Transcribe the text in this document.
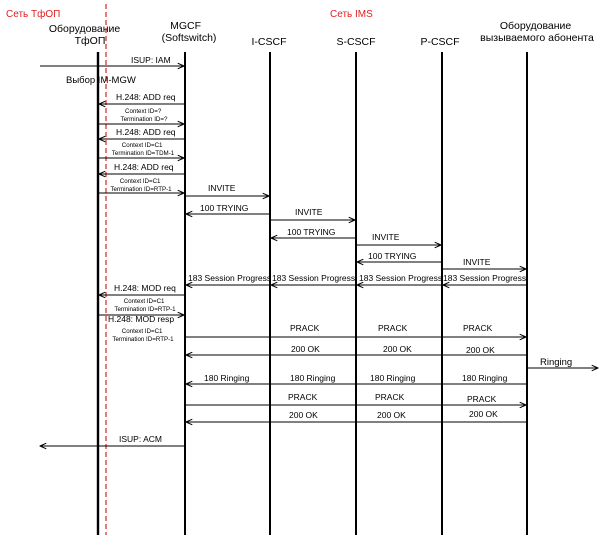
Сеть ТфОП	Сеть IMS
Оборудование ТфОП
MGCF (Softswitch)	I-CSCF	S-CSCF	P-CSCF
Оборудование вызываемого абонента
ISUP: IAM
Выбор IM-MGW
H.248: ADD req
Context ID=? Termination ID=?
H.248: ADD req
Context ID=C1 Termination ID=TDM-1
H.248: ADD req
Context ID=C1 Termination ID=RTP-1	INVITE
100 TRYING	INVITE
100 TRYING	INVITE
100 TRYING
INVITE
183 Session Progress
183 Session Progress
183 Session Progress
183 Session Progress
H.248: MOD req
Context ID=C1 Termination ID=RTP-1
H.248: MOD resp
Context ID=C1 Termination ID=RTP-1
PRACK	PRACK	PRACK
200 OK	200 OK	200 OK
Ringing
180 Ringing	180 Ringing	180 Ringing	180 Ringing
PRACK	PRACK	PRACK
200 OK	200 OK	200 OK
ISUP: ACM
